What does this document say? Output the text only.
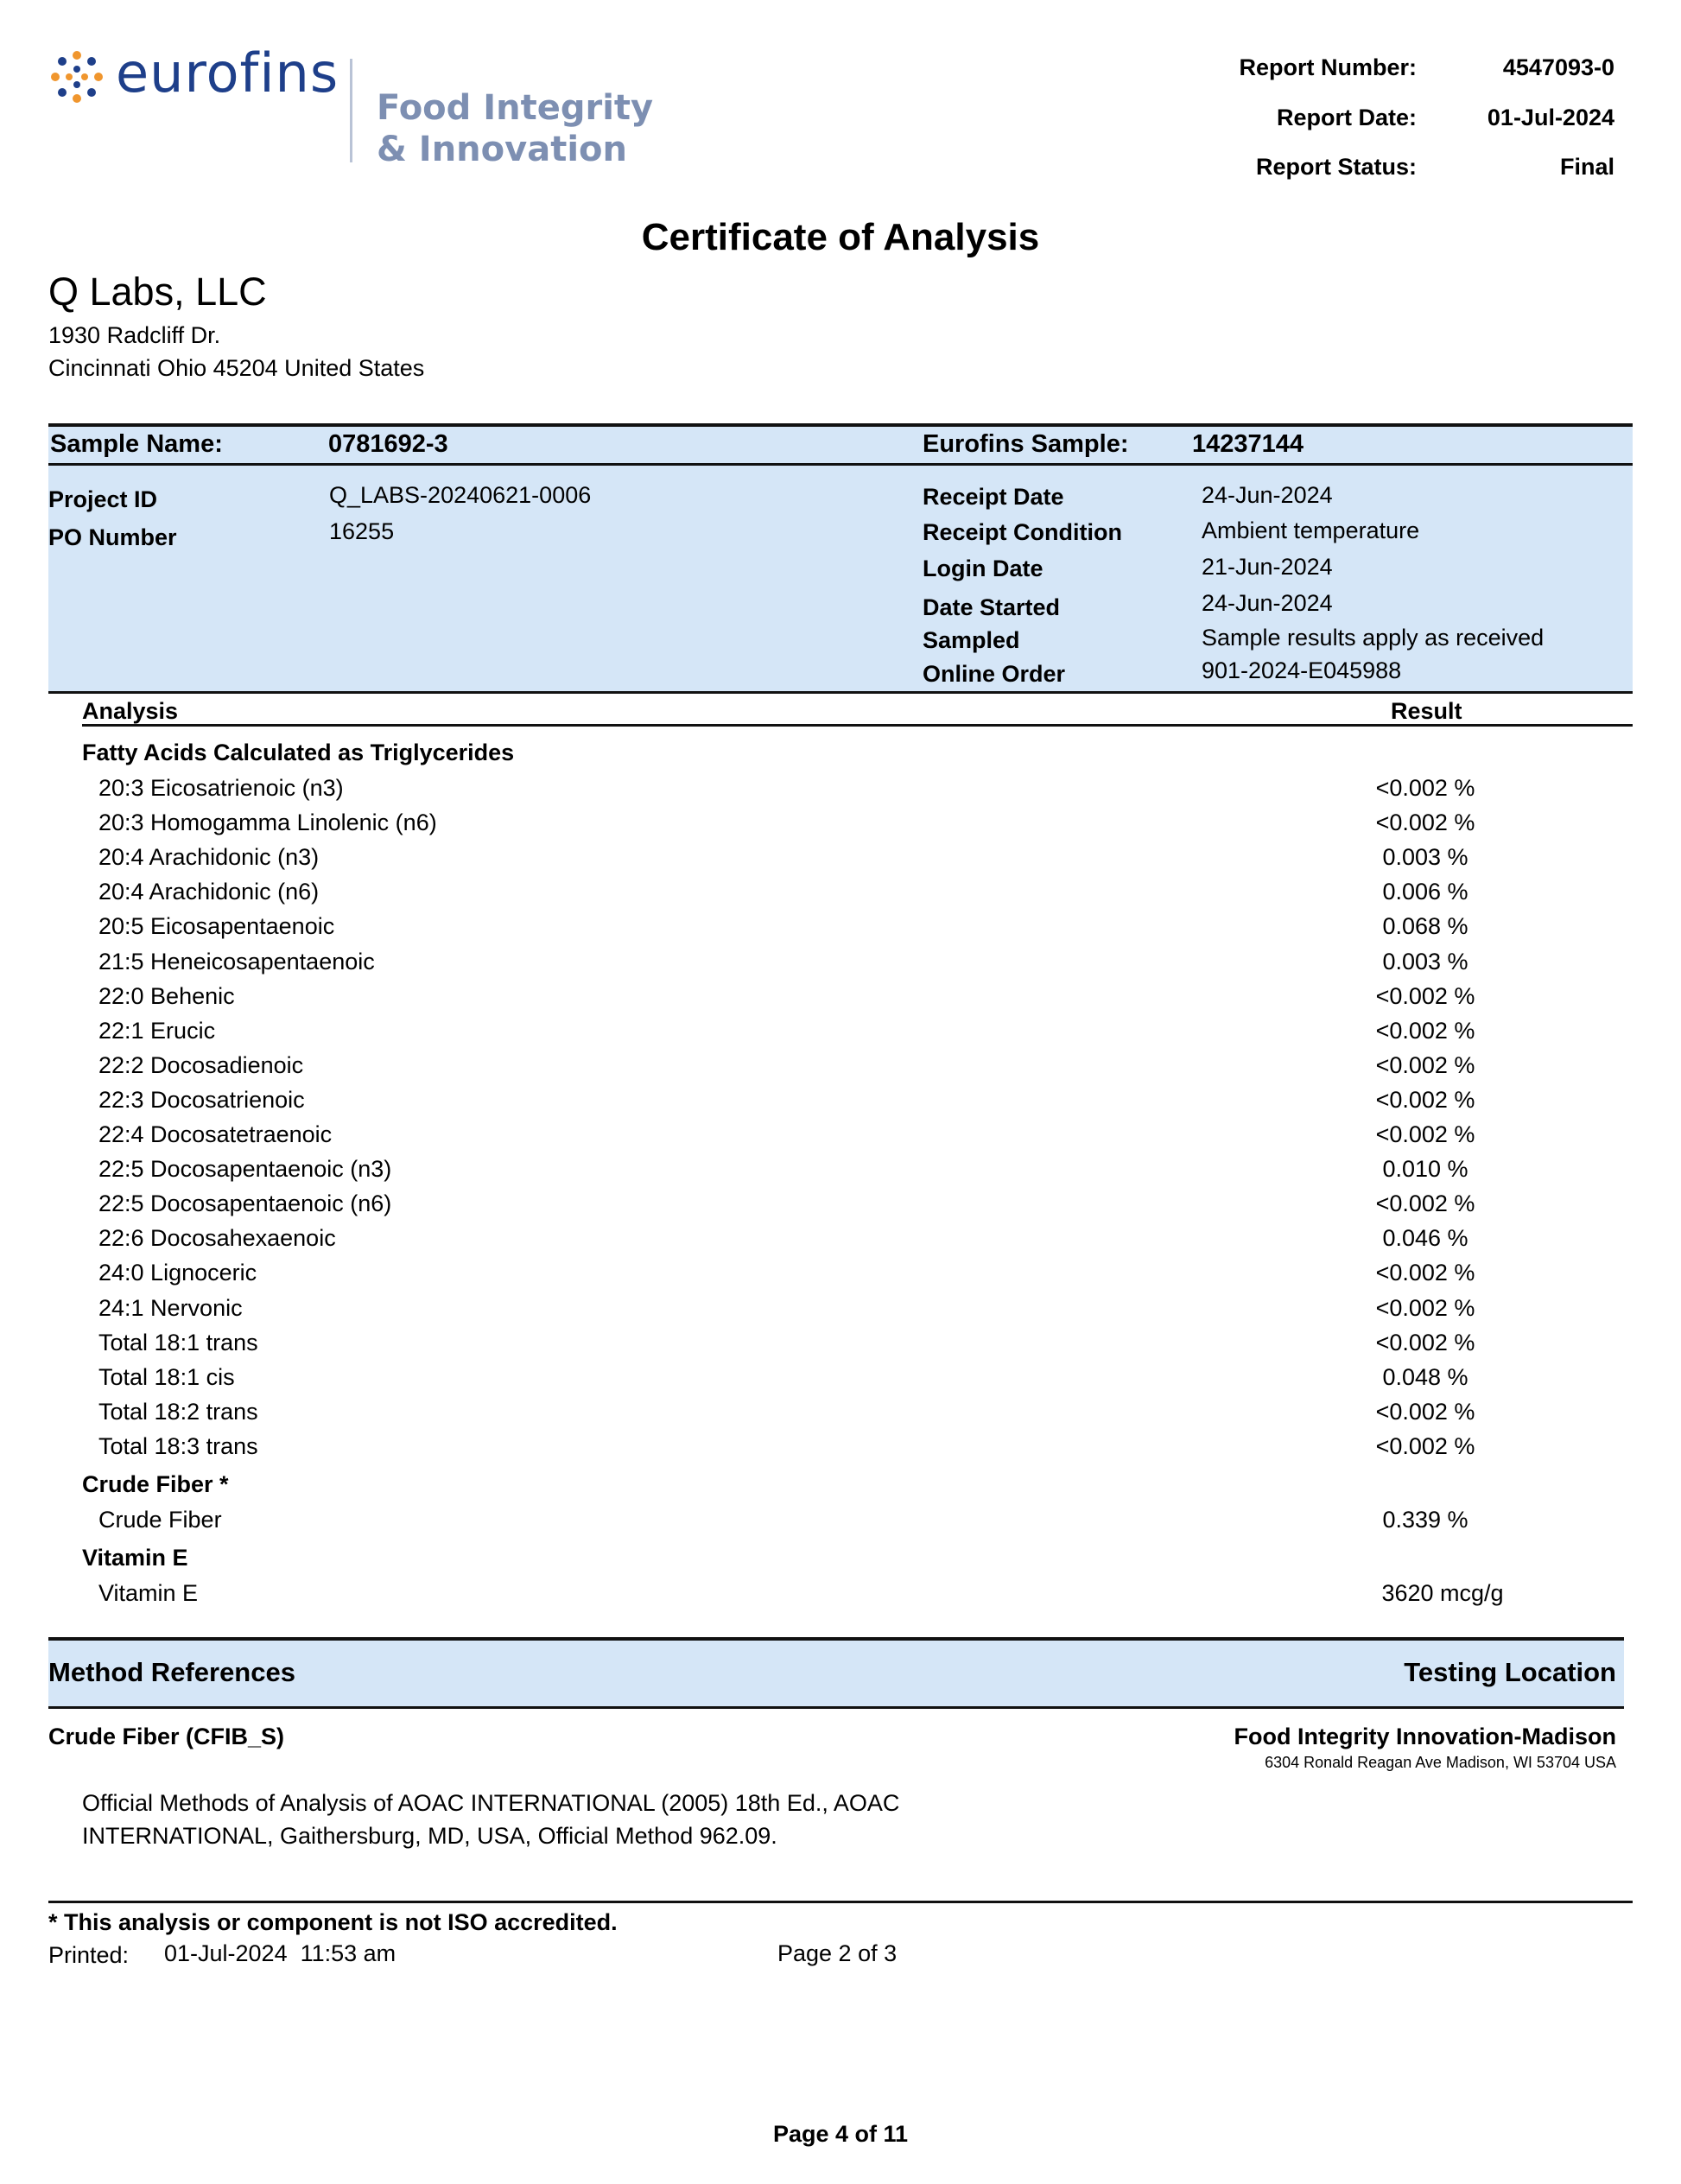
eurofins
Food Integrity
& Innovation
Report Number:	4547093-0
Report Date:	01-Jul-2024
Report Status:	Final
Certificate of Analysis
Q Labs, LLC
1930 Radcliff Dr.
Cincinnati Ohio 45204 United States
Sample Name:	0781692-3	Eurofins Sample:	14237144
Project ID	Q_LABS-20240621-0006
PO Number	16255
Receipt Date	24-Jun-2024
Receipt Condition	Ambient temperature
Login Date	21-Jun-2024
Date Started	24-Jun-2024
Sampled	Sample results apply as received
Online Order	901-2024-E045988
Analysis	Result
Fatty Acids Calculated as Triglycerides
20:3 Eicosatrienoic (n3)	<0.002 %
20:3 Homogamma Linolenic (n6)	<0.002 %
20:4 Arachidonic (n3)	0.003 %
20:4 Arachidonic (n6)	0.006 %
20:5 Eicosapentaenoic	0.068 %
21:5 Heneicosapentaenoic	0.003 %
22:0 Behenic	<0.002 %
22:1 Erucic	<0.002 %
22:2 Docosadienoic	<0.002 %
22:3 Docosatrienoic	<0.002 %
22:4 Docosatetraenoic	<0.002 %
22:5 Docosapentaenoic (n3)	0.010 %
22:5 Docosapentaenoic (n6)	<0.002 %
22:6 Docosahexaenoic	0.046 %
24:0 Lignoceric	<0.002 %
24:1 Nervonic	<0.002 %
Total 18:1 trans	<0.002 %
Total 18:1 cis	0.048 %
Total 18:2 trans	<0.002 %
Total 18:3 trans	<0.002 %
Crude Fiber *
Crude Fiber	0.339 %
Vitamin E
Vitamin E	3620 mcg/g
Method References	Testing Location
Crude Fiber (CFIB_S)	Food Integrity Innovation-Madison
6304 Ronald Reagan Ave Madison, WI 53704 USA
Official Methods of Analysis of AOAC INTERNATIONAL (2005) 18th Ed., AOAC
INTERNATIONAL, Gaithersburg, MD, USA, Official Method 962.09.
* This analysis or component is not ISO accredited.
Printed: 01-Jul-2024  11:53 am	Page 2 of 3
Page 4 of 11
